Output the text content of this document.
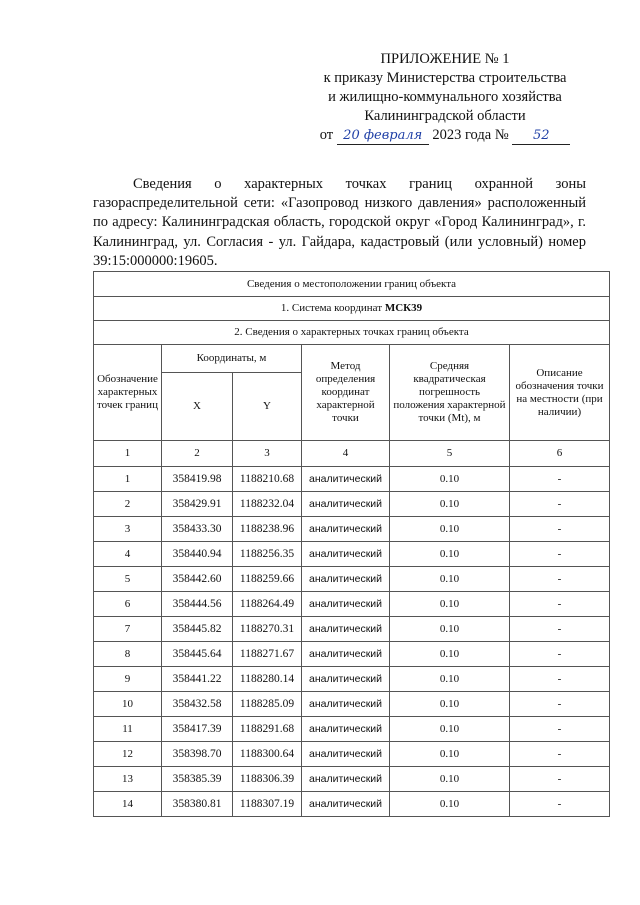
ПРИЛОЖЕНИЕ № 1
к приказу Министерства строительства
и жилищно-коммунального хозяйства
Калининградской области
от 20 февраля 2023 года № 52
Сведения о характерных точках границ охранной зоны газораспределительной сети: «Газопровод низкого давления» расположенный по адресу: Калининградская область, городской округ «Город Калининград», г. Калининград, ул. Согласия - ул. Гайдара, кадастровый (или условный) номер 39:15:000000:19605.
Сведения о местоположении границ объекта					
1. Система координат МСК39					
2. Сведения о характерных точках границ объекта					
Обозначение характерных точек границ	Координаты, м		Метод определения координат характерной точки	Средняя квадратическая погрешность положения характерной точки (Mt), м	Описание обозначения точки на местности (при наличии)
	X	Y			
1	2	3	4	5	6
1	358419.98	1188210.68	аналитический	0.10	-
2	358429.91	1188232.04	аналитический	0.10	-
3	358433.30	1188238.96	аналитический	0.10	-
4	358440.94	1188256.35	аналитический	0.10	-
5	358442.60	1188259.66	аналитический	0.10	-
6	358444.56	1188264.49	аналитический	0.10	-
7	358445.82	1188270.31	аналитический	0.10	-
8	358445.64	1188271.67	аналитический	0.10	-
9	358441.22	1188280.14	аналитический	0.10	-
10	358432.58	1188285.09	аналитический	0.10	-
11	358417.39	1188291.68	аналитический	0.10	-
12	358398.70	1188300.64	аналитический	0.10	-
13	358385.39	1188306.39	аналитический	0.10	-
14	358380.81	1188307.19	аналитический	0.10	-
